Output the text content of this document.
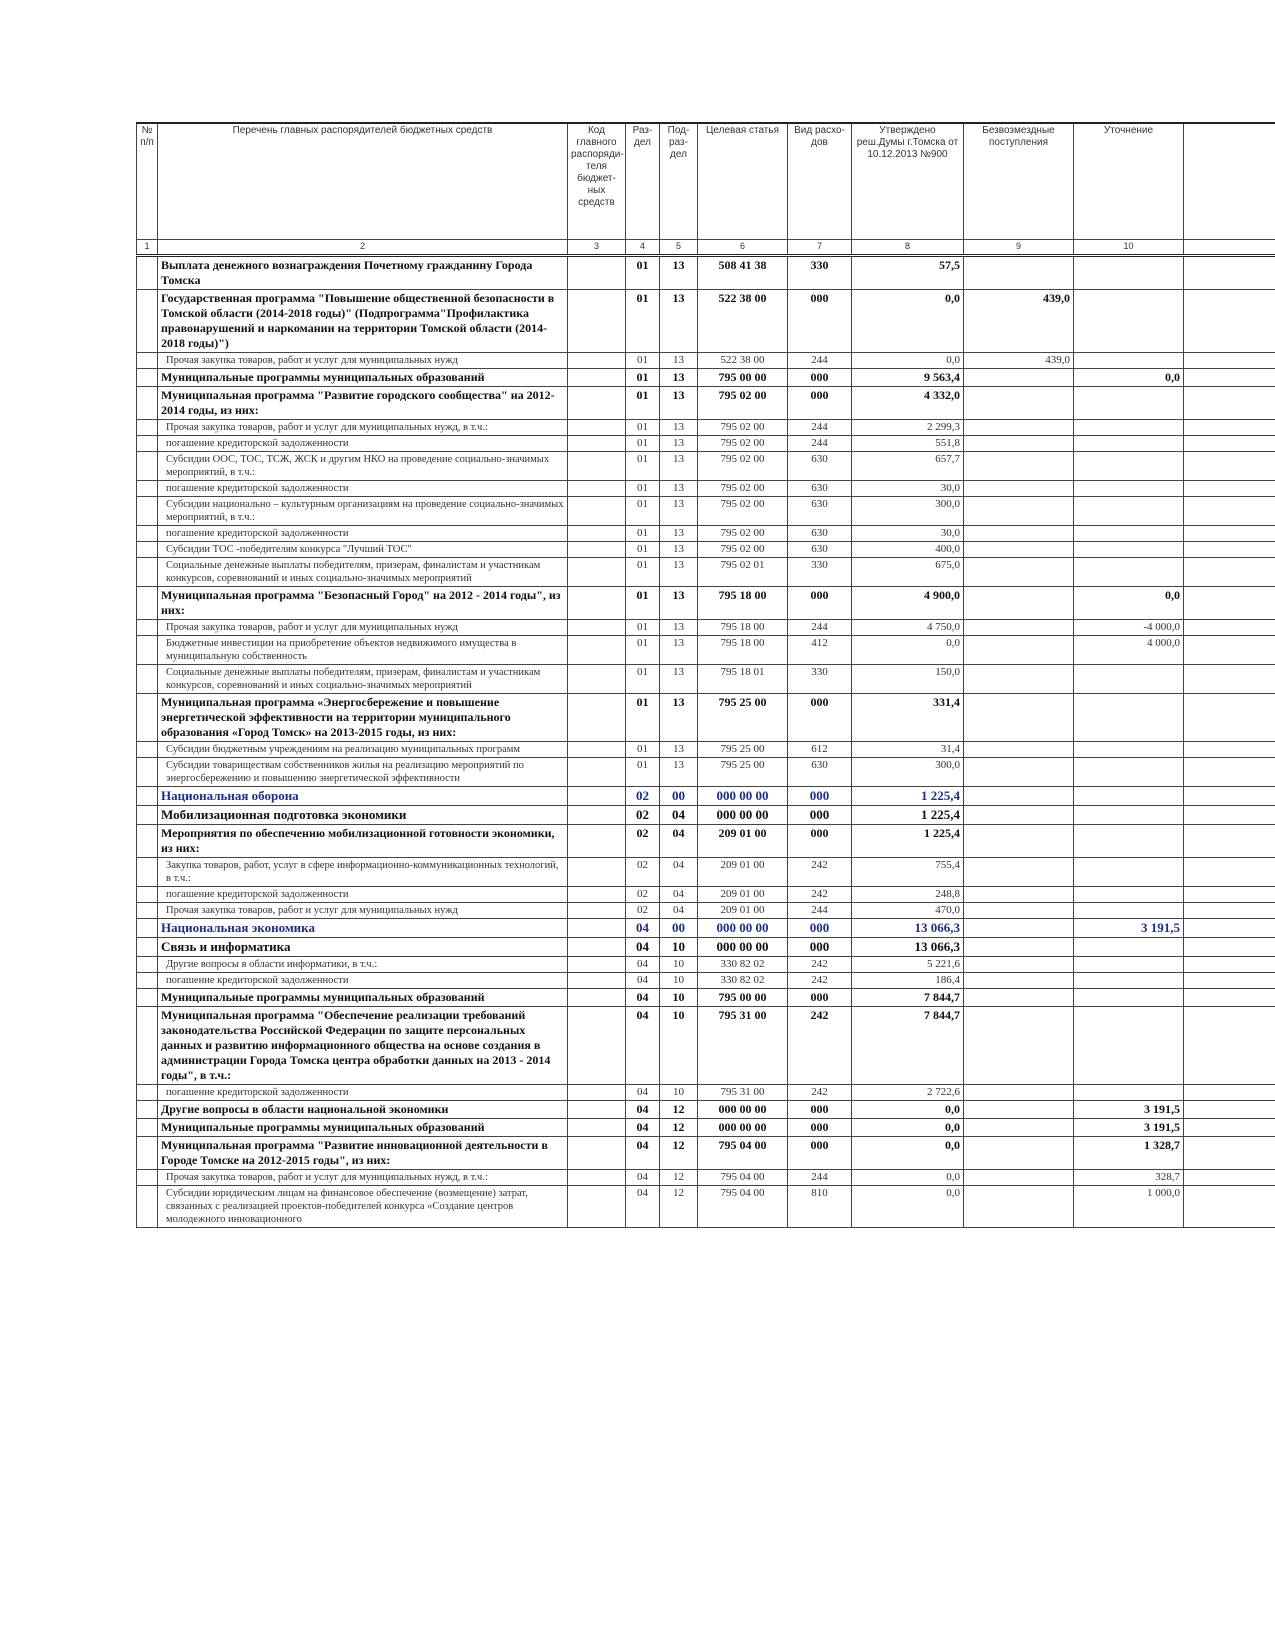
№ п/п	Перечень главных распорядителей бюджетных средств	Код главного распоряди-теля бюджет-ных средств	Раз-дел	Под-раз-дел	Целевая статья	Вид расхо-дов	Утверждено реш.Думы г.Томска от 10.12.2013 №900	Безвозмездные поступления	Уточнение	
1	2	3	4	5	6	7	8	9	10	
	Выплата денежного вознаграждения Почетному гражданину Города Томска		01	13	508 41 38	330	57,5			
	Государственная программа "Повышение общественной безопасности в Томской области (2014-2018 годы)" (Подпрограмма"Профилактика правонарушений и наркомании на территории Томской области (2014-2018 годы)")		01	13	522 38 00	000	0,0	439,0		
	Прочая закупка товаров, работ и услуг для муниципальных нужд		01	13	522 38 00	244	0,0	439,0		
	Муниципальные программы муниципальных образований		01	13	795 00 00	000	9 563,4		0,0	
	Муниципальная программа "Развитие городского сообщества" на 2012-2014 годы, из них:		01	13	795 02 00	000	4 332,0			
	Прочая закупка товаров, работ и услуг для муниципальных нужд, в т.ч.:		01	13	795 02 00	244	2 299,3			
	погашение кредиторской задолженности		01	13	795 02 00	244	551,8			
	Субсидии ООС, ТОС, ТСЖ, ЖСК и другим НКО на проведение социально-значимых мероприятий, в т.ч.:		01	13	795 02 00	630	657,7			
	погашение кредиторской задолженности		01	13	795 02 00	630	30,0			
	Субсидии национально – культурным организациям на проведение социально-значимых мероприятий, в т.ч.:		01	13	795 02 00	630	300,0			
	погашение кредиторской задолженности		01	13	795 02 00	630	30,0			
	Субсидии ТОС -победителям конкурса "Лучший ТОС"		01	13	795 02 00	630	400,0			
	Социальные денежные выплаты победителям, призерам, финалистам и участникам конкурсов, соревнований и иных социально-значимых мероприятий		01	13	795 02 01	330	675,0			
	Муниципальная программа "Безопасный Город" на 2012 - 2014 годы", из них:		01	13	795 18 00	000	4 900,0		0,0	
	Прочая закупка товаров, работ и услуг для муниципальных нужд		01	13	795 18 00	244	4 750,0		-4 000,0	
	Бюджетные инвестиции на приобретение объектов недвижимого имущества в муниципальную собственность		01	13	795 18 00	412	0,0		4 000,0	
	Социальные денежные выплаты победителям, призерам, финалистам и участникам конкурсов, соревнований и иных социально-значимых мероприятий		01	13	795 18 01	330	150,0			
	Муниципальная программа «Энергосбережение и повышение энергетической эффективности на территории муниципального образования «Город Томск» на 2013-2015 годы, из них:		01	13	795 25 00	000	331,4			
	Субсидии бюджетным учреждениям на реализацию муниципальных программ		01	13	795 25 00	612	31,4			
	Субсидии товариществам собственников жилья на реализацию мероприятий по энергосбережению и повышению энергетической эффективности		01	13	795 25 00	630	300,0			
	Национальная оборона		02	00	000 00 00	000	1 225,4			
	Мобилизационная подготовка экономики		02	04	000 00 00	000	1 225,4			
	Мероприятия по обеспечению мобилизационной готовности экономики, из них:		02	04	209 01 00	000	1 225,4			
	Закупка товаров, работ, услуг в сфере информационно-коммуникационных технологий, в т.ч.:		02	04	209 01 00	242	755,4			
	погашение кредиторской задолженности		02	04	209 01 00	242	248,8			
	Прочая закупка товаров, работ и услуг для муниципальных нужд		02	04	209 01 00	244	470,0			
	Национальная экономика		04	00	000 00 00	000	13 066,3		3 191,5	
	Связь и информатика		04	10	000 00 00	000	13 066,3			
	Другие вопросы в области информатики, в т.ч.:		04	10	330 82 02	242	5 221,6			
	погашение кредиторской задолженности		04	10	330 82 02	242	186,4			
	Муниципальные программы муниципальных образований		04	10	795 00 00	000	7 844,7			
	Муниципальная программа "Обеспечение реализации требований законодательства Российской Федерации по защите персональных данных и развитию информационного общества на основе создания в администрации Города Томска центра обработки данных на 2013 - 2014 годы", в т.ч.:		04	10	795 31 00	242	7 844,7			
	погашение кредиторской задолженности		04	10	795 31 00	242	2 722,6			
	Другие вопросы в области национальной экономики		04	12	000 00 00	000	0,0		3 191,5	
	Муниципальные программы муниципальных образований		04	12	000 00 00	000	0,0		3 191,5	
	Муниципальная программа "Развитие инновационной деятельности в Городе Томске на 2012-2015 годы", из них:		04	12	795 04 00	000	0,0		1 328,7	
	Прочая закупка товаров, работ и услуг для муниципальных нужд, в т.ч.:		04	12	795 04 00	244	0,0		328,7	
	Субсидии юридическим лицам на финансовое обеспечение (возмещение) затрат, связанных с реализацией проектов-победителей конкурса «Создание центров молодежного инновационного		04	12	795 04 00	810	0,0		1 000,0	
